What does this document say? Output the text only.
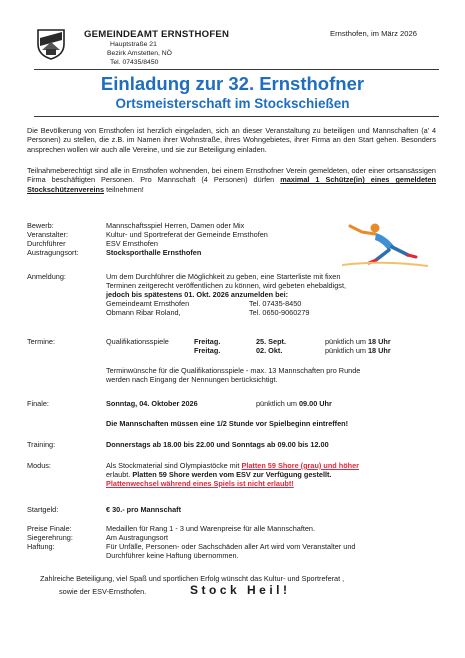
GEMEINDEAMT ERNSTHOFEN
Hauptstraße 21
Bezirk Amstetten, NÖ
Tel. 07435/8450
Ernsthofen, im März 2026
Einladung zur 32. Ernsthofner
Ortsmeisterschaft im Stockschießen
Die Bevölkerung von Ernsthofen ist herzlich eingeladen, sich an dieser Veranstaltung zu beteiligen und Mannschaften (a' 4 Personen) zu stellen, die z.B. im Namen ihrer Wohnstraße, ihres Wohngebietes, ihrer Firma an den Start gehen. Besonders ansprechen wollen wir auch alle Vereine, und sie zur Beteiligung einladen.
Teilnahmeberechtigt sind alle in Ernsthofen wohnenden, bei einem Ernsthofner Verein gemeldeten, oder einer ortsansässigen Firma beschäftigten Personen. Pro Mannschaft (4 Personen) dürfen maximal 1 Schütze(in) eines gemeldeten Stockschützenvereins teilnehmen!
Bewerb:	Mannschaftsspiel Herren, Damen oder Mix
Veranstalter:	Kultur- und Sportreferat der Gemeinde Ernsthofen
Durchführer	ESV Ernsthofen
Austragungsort:	Stocksporthalle Ernsthofen
Anmeldung:	Um dem Durchführer die Möglichkeit zu geben, eine Starterliste mit fixen
Terminen zeitgerecht veröffentlichen zu können, wird gebeten ehebaldigst,
jedoch bis spätestens 01. Okt. 2026 anzumelden bei:
Gemeindeamt Ernsthofen	Tel. 07435-8450
Obmann Ribar Roland,	Tel. 0650-9060279
Termine:	Qualifikationsspiele	Freitag.	25. Sept.	pünktlich um 18 Uhr
Freitag.	02. Okt.	pünktlich um 18 Uhr
Terminwünsche für die Qualifikationsspiele - max. 13 Mannschaften pro Runde
werden nach Eingang der Nennungen berücksichtigt.
Finale:	Sonntag, 04. Oktober 2026	pünktlich um 09.00 Uhr
Die Mannschaften müssen eine 1/2 Stunde vor Spielbeginn eintreffen!
Training:	Donnerstags ab 18.00 bis 22.00 und Sonntags ab 09.00 bis 12.00
Modus:	Als Stockmaterial sind Olympiastöcke mit Platten 59 Shore (grau) und höher
erlaubt. Platten 59 Shore werden vom ESV zur Verfügung gestellt.
Plattenwechsel während eines Spiels ist nicht erlaubt!
Startgeld:	€ 30.- pro Mannschaft
Preise Finale:	Medaillen für Rang 1 - 3 und Warenpreise für alle Mannschaften.
Siegerehrung:	Am Austragungsort
Haftung:	Für Unfälle, Personen- oder Sachschäden aller Art wird vom Veranstalter und
Durchführer keine Haftung übernommen.
Zahlreiche Beteiligung, viel Spaß und sportlichen Erfolg wünscht das Kultur- und Sportreferat ,
sowie der ESV-Ernsthofen.	Stock Heil!
